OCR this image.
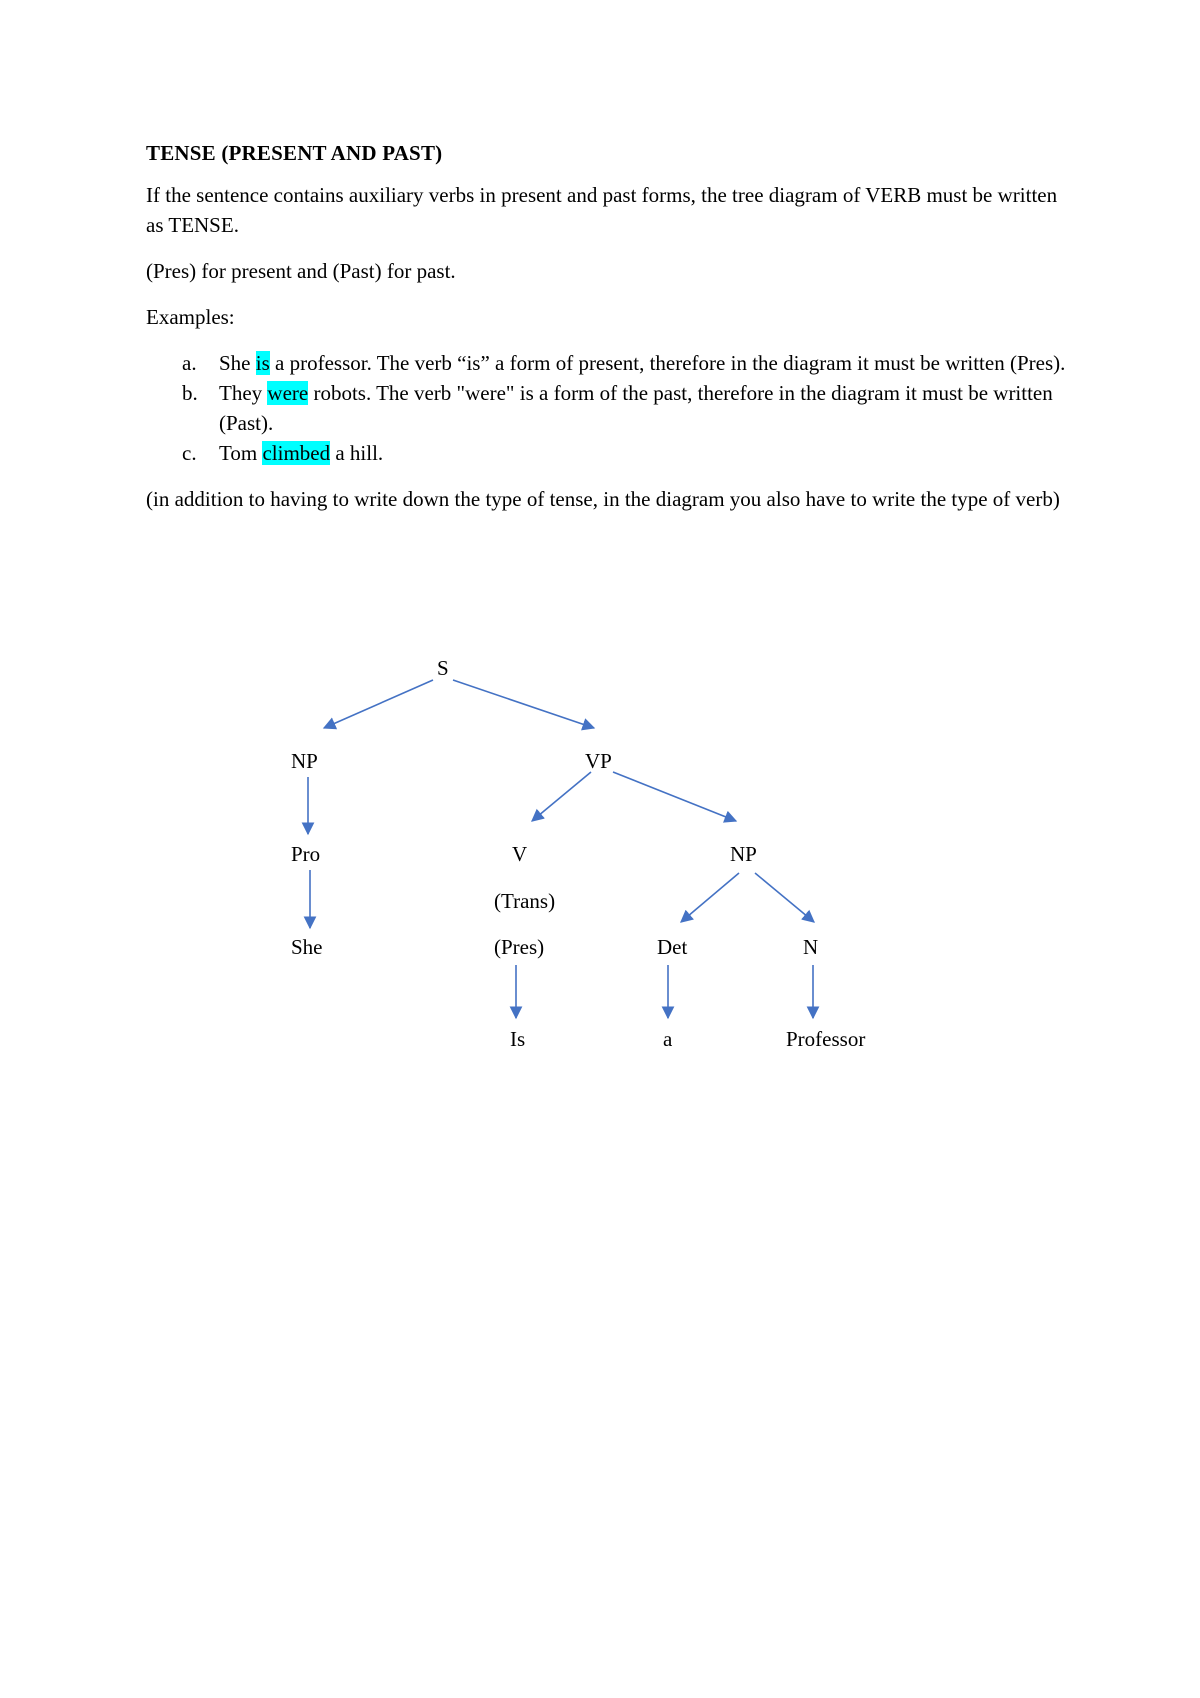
TENSE (PRESENT AND PAST)

If the sentence contains auxiliary verbs in present and past forms, the tree diagram of VERB must be written as TENSE.

(Pres) for present and (Past) for past.

Examples:

a. She is a professor. The verb “is” a form of present, therefore in the diagram it must be written (Pres).
b. They were robots. The verb "were" is a form of the past, therefore in the diagram it must be written (Past).
c. Tom climbed a hill.

(in addition to having to write down the type of tense, in the diagram you also have to write the type of verb)

S
NP	VP
Pro
She
V
(Trans)
(Pres)
Is
NP
Det	N
a	Professor
